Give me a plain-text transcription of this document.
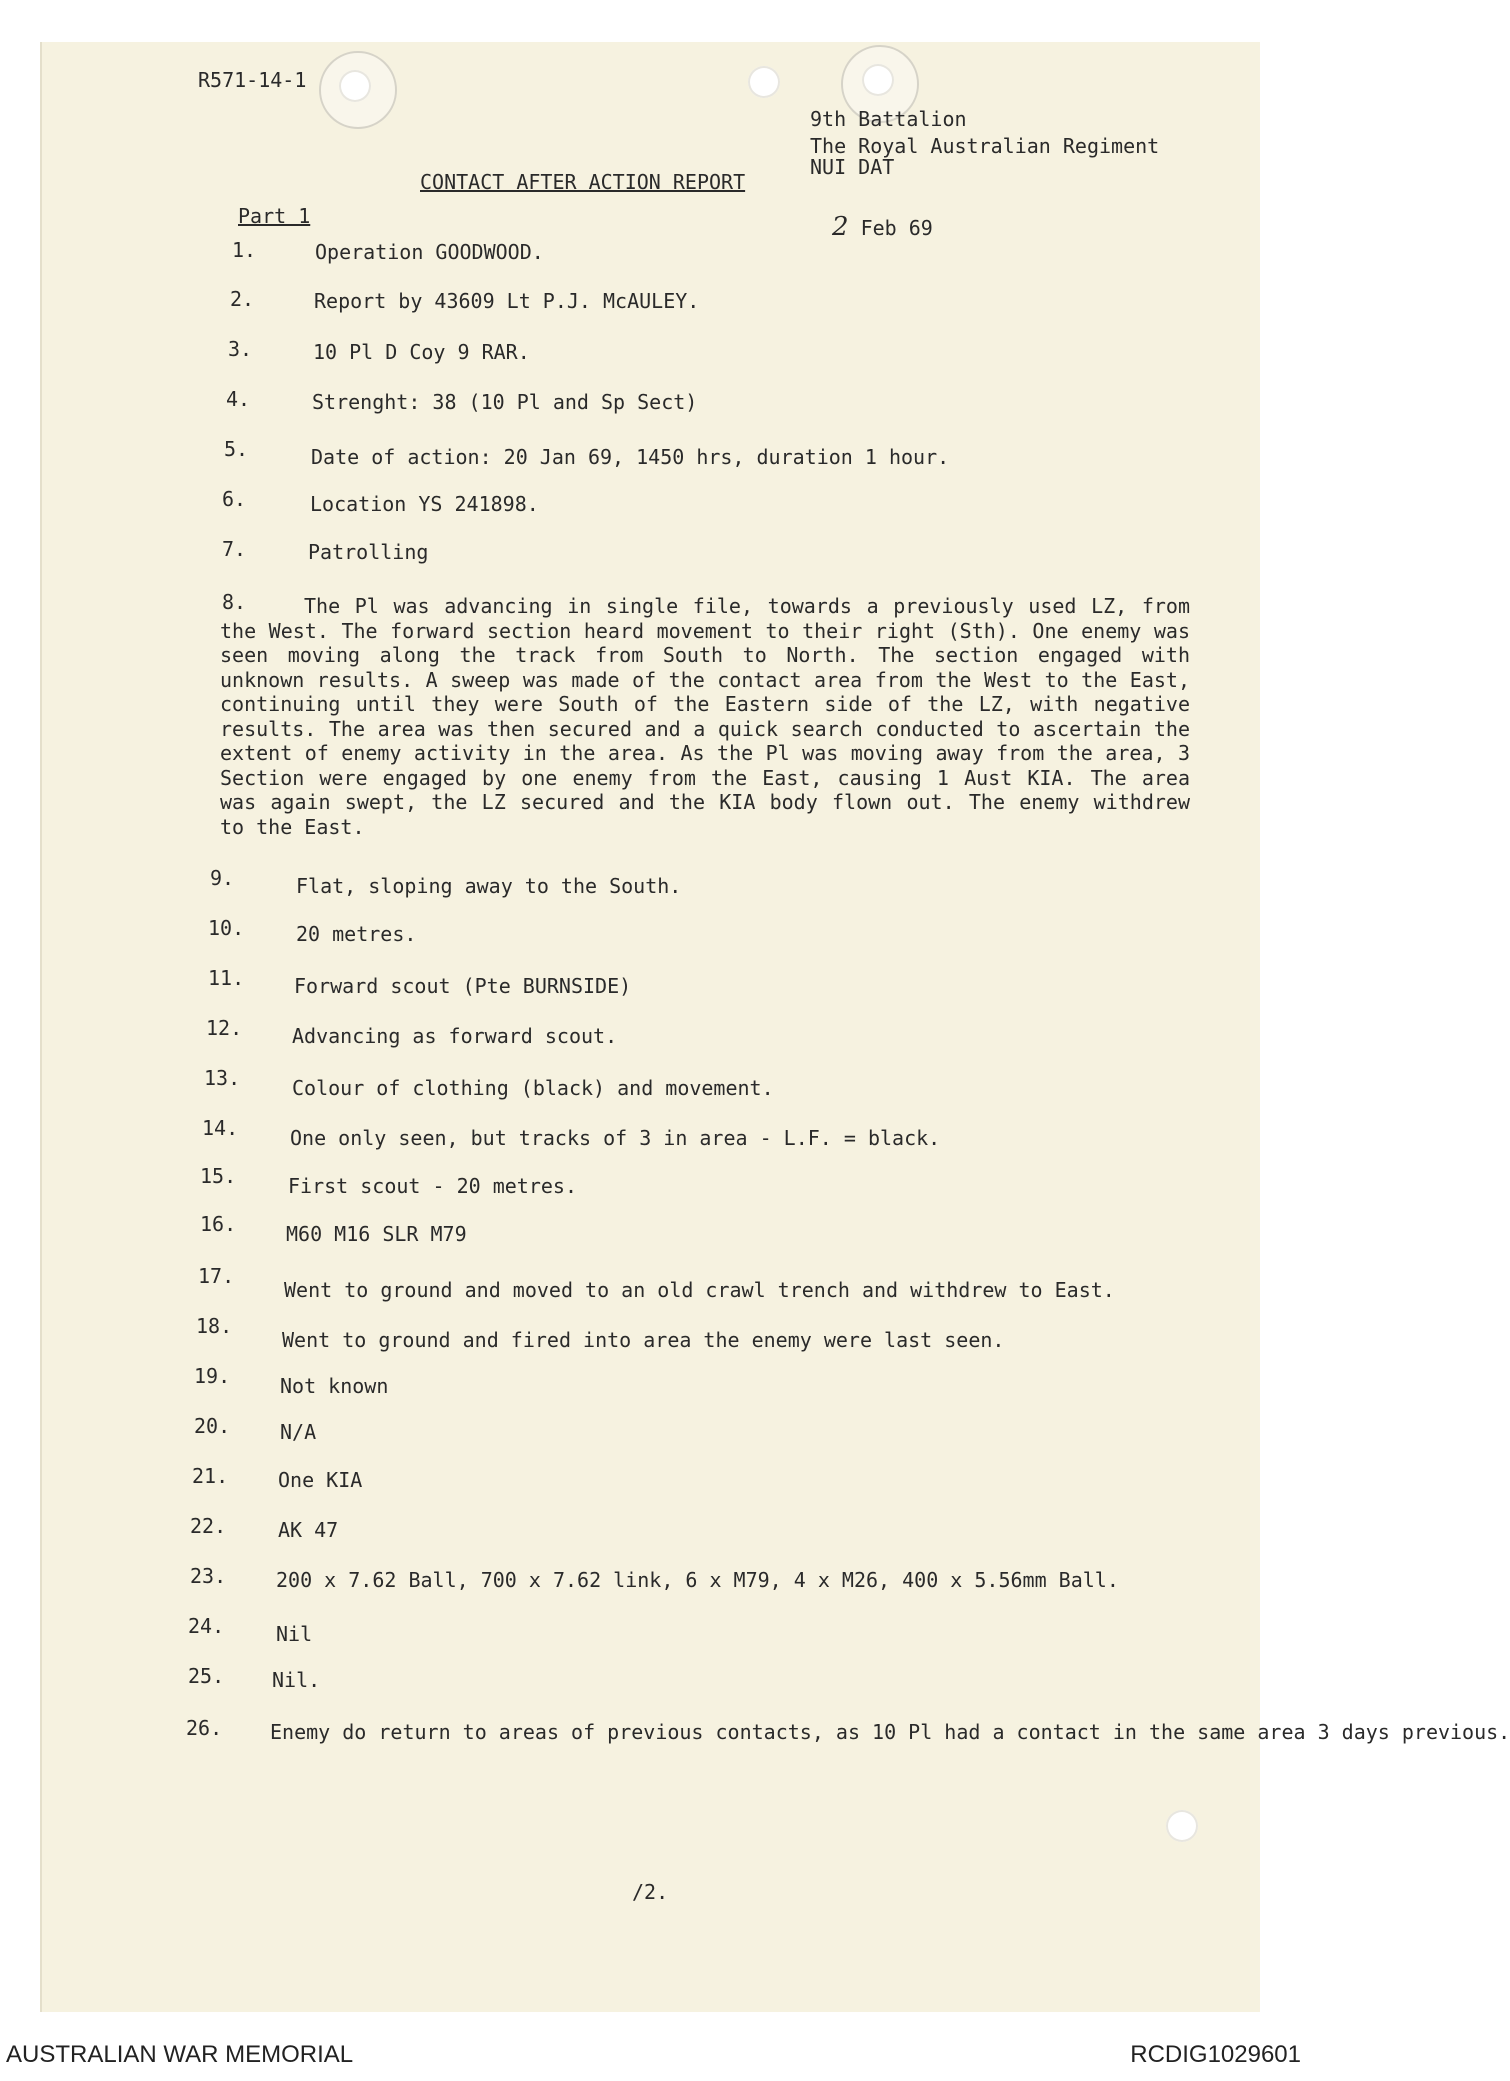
R571-14-1
9th Battalion
The Royal Australian Regiment
NUI DAT
CONTACT AFTER ACTION REPORT
Part 1	2 Feb 69
1.	Operation GOODWOOD.
2.	Report by 43609 Lt P.J. McAULEY.
3.	10 Pl D Coy 9 RAR.
4.	Strenght: 38 (10 Pl and Sp Sect)
5.	Date of action: 20 Jan 69, 1450 hrs, duration 1 hour.
6.	Location YS 241898.
7.	Patrolling
8.	The Pl was advancing in single file, towards a previously used LZ, from the West. The forward section heard movement to their right (Sth). One enemy was seen moving along the track from South to North. The section engaged with unknown results. A sweep was made of the contact area from the West to the East, continuing until they were South of the Eastern side of the LZ, with negative results. The area was then secured and a quick search conducted to ascertain the extent of enemy activity in the area. As the Pl was moving away from the area, 3 Section were engaged by one enemy from the East, causing 1 Aust KIA. The area was again swept, the LZ secured and the KIA body flown out. The enemy withdrew to the East.
9.	Flat, sloping away to the South.
10.	20 metres.
11. Forward scout (Pte BURNSIDE)
12. Advancing as forward scout.
13.	Colour of clothing (black) and movement.
14.	One only seen, but tracks of 3 in area - L.F. = black.
15.	First scout - 20 metres.
16. M60 M16 SLR M79
17.
Went to ground and moved to an old crawl trench and withdrew to East.
18.
Went to ground and fired into area the enemy were last seen.
19. Not known
20. N/A
21. One KIA
22.	AK 47
23. 200 x 7.62 Ball, 700 x 7.62 link, 6 x M79, 4 x M26, 400 x 5.56mm Ball.
24.	Nil
25. Nil.
26. Enemy do return to areas of previous contacts, as 10 Pl had a contact in the same area 3 days previous.
/2.
AUSTRALIAN WAR MEMORIAL	RCDIG1029601
